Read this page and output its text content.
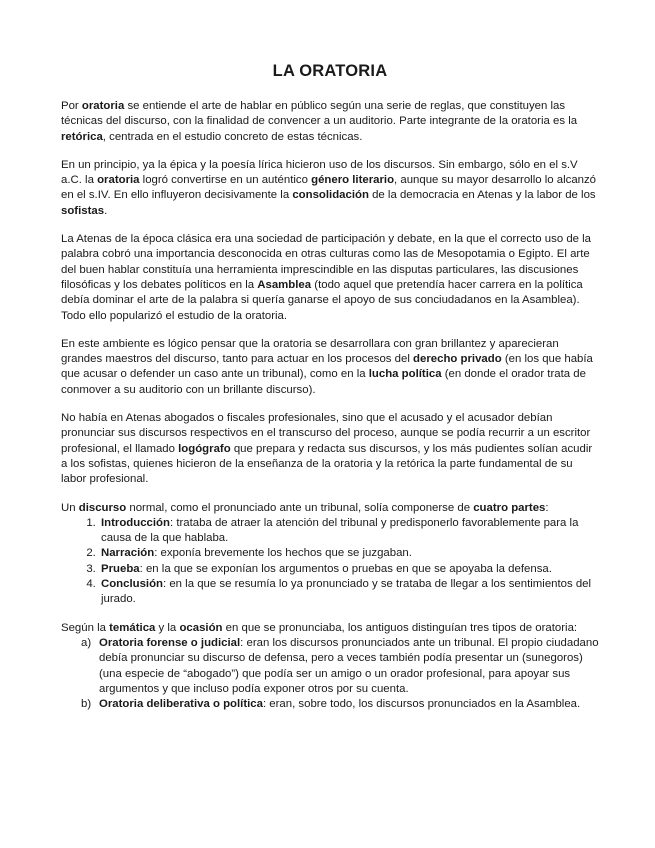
LA ORATORIA

Por oratoria se entiende el arte de hablar en público según una serie de reglas, que constituyen las técnicas del discurso, con la finalidad de convencer a un auditorio. Parte integrante de la oratoria es la retórica, centrada en el estudio concreto de estas técnicas.

En un principio, ya la épica y la poesía lírica hicieron uso de los discursos. Sin embargo, sólo en el s.V a.C. la oratoria logró convertirse en un auténtico género literario, aunque su mayor desarrollo lo alcanzó en el s.IV. En ello influyeron decisivamente la consolidación de la democracia en Atenas y la labor de los sofistas.

La Atenas de la época clásica era una sociedad de participación y debate, en la que el correcto uso de la palabra cobró una importancia desconocida en otras culturas como las de Mesopotamia o Egipto. El arte del buen hablar constituía una herramienta imprescindible en las disputas particulares, las discusiones filosóficas y los debates políticos en la Asamblea (todo aquel que pretendía hacer carrera en la política debía dominar el arte de la palabra si quería ganarse el apoyo de sus conciudadanos en la Asamblea). Todo ello popularizó el estudio de la oratoria.

En este ambiente es lógico pensar que la oratoria se desarrollara con gran brillantez y aparecieran grandes maestros del discurso, tanto para actuar en los procesos del derecho privado (en los que había que acusar o defender un caso ante un tribunal), como en la lucha política (en donde el orador trata de conmover a su auditorio con un brillante discurso).

No había en Atenas abogados o fiscales profesionales, sino que el acusado y el acusador debían pronunciar sus discursos respectivos en el transcurso del proceso, aunque se podía recurrir a un escritor profesional, el llamado logógrafo que prepara y redacta sus discursos, y los más pudientes solían acudir a los sofistas, quienes hicieron de la enseñanza de la oratoria y la retórica la parte fundamental de su labor profesional.

Un discurso normal, como el pronunciado ante un tribunal, solía componerse de cuatro partes:

1. Introducción: trataba de atraer la atención del tribunal y predisponerlo favorablemente para la causa de la que hablaba.
2. Narración: exponía brevemente los hechos que se juzgaban.
3. Prueba: en la que se exponían los argumentos o pruebas en que se apoyaba la defensa.
4. Conclusión: en la que se resumía lo ya pronunciado y se trataba de llegar a los sentimientos del jurado.

Según la temática y la ocasión en que se pronunciaba, los antiguos distinguían tres tipos de oratoria:

a) Oratoria forense o judicial: eran los discursos pronunciados ante un tribunal. El propio ciudadano debía pronunciar su discurso de defensa, pero a veces también podía presentar un (sunegoros) (una especie de “abogado”) que podía ser un amigo o un orador profesional, para apoyar sus argumentos y que incluso podía exponer otros por su cuenta.
b) Oratoria deliberativa o política: eran, sobre todo, los discursos pronunciados en la Asamblea.
